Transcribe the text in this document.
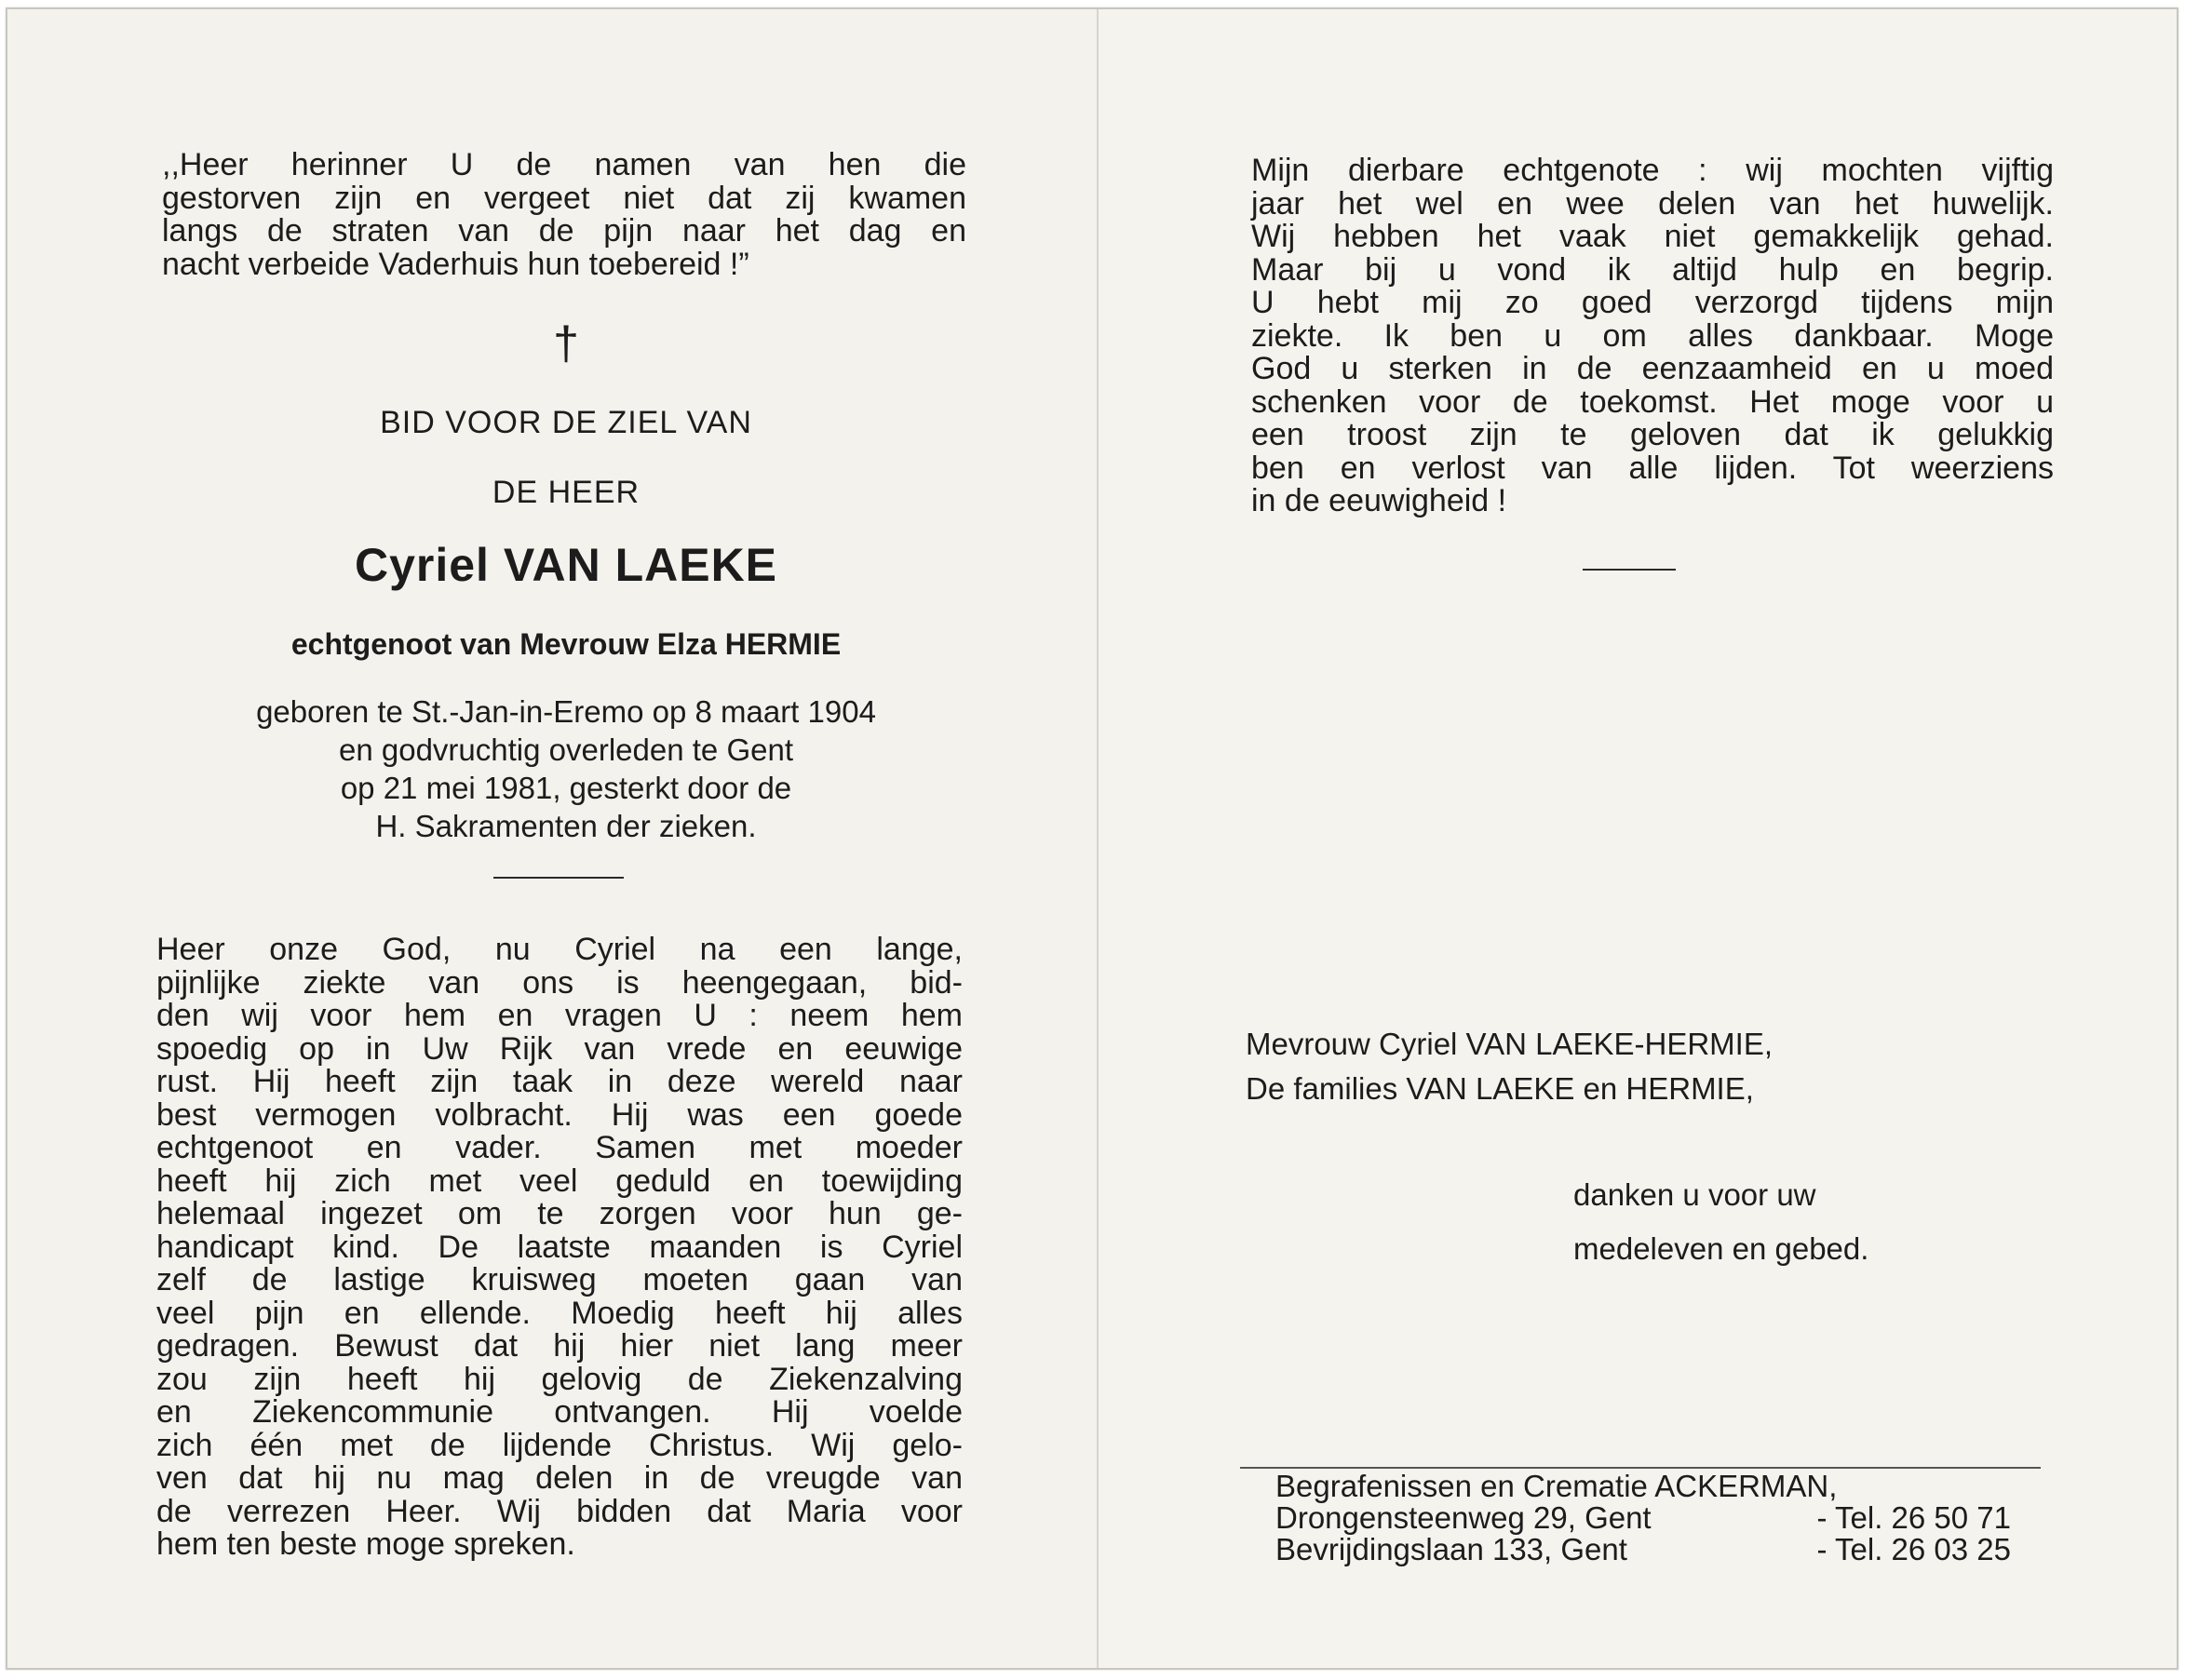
,,Heer herinner U de namen van hen die
gestorven zijn en vergeet niet dat zij kwamen
langs de straten van de pijn naar het dag en
nacht verbeide Vaderhuis hun toebereid !”
†
BID VOOR DE ZIEL VAN
DE HEER
Cyriel VAN LAEKE
echtgenoot van Mevrouw Elza HERMIE
geboren te St.-Jan-in-Eremo op 8 maart 1904
en godvruchtig overleden te Gent
op 21 mei 1981, gesterkt door de
H. Sakramenten der zieken.
Heer onze God, nu Cyriel na een lange,
pijnlijke ziekte van ons is heengegaan, bid-
den wij voor hem en vragen U : neem hem
spoedig op in Uw Rijk van vrede en eeuwige
rust. Hij heeft zijn taak in deze wereld naar
best vermogen volbracht. Hij was een goede
echtgenoot en vader. Samen met moeder
heeft hij zich met veel geduld en toewijding
helemaal ingezet om te zorgen voor hun ge-
handicapt kind. De laatste maanden is Cyriel
zelf de lastige kruisweg moeten gaan van
veel pijn en ellende. Moedig heeft hij alles
gedragen. Bewust dat hij hier niet lang meer
zou zijn heeft hij gelovig de Ziekenzalving
en Ziekencommunie ontvangen. Hij voelde
zich één met de lijdende Christus. Wij gelo-
ven dat hij nu mag delen in de vreugde van
de verrezen Heer. Wij bidden dat Maria voor
hem ten beste moge spreken.
Mijn dierbare echtgenote : wij mochten vijftig
jaar het wel en wee delen van het huwelijk.
Wij hebben het vaak niet gemakkelijk gehad.
Maar bij u vond ik altijd hulp en begrip.
U hebt mij zo goed verzorgd tijdens mijn
ziekte. Ik ben u om alles dankbaar. Moge
God u sterken in de eenzaamheid en u moed
schenken voor de toekomst. Het moge voor u
een troost zijn te geloven dat ik gelukkig
ben en verlost van alle lijden. Tot weerziens
in de eeuwigheid !
Mevrouw Cyriel VAN LAEKE-HERMIE,
De families VAN LAEKE en HERMIE,
danken u voor uw
medeleven en gebed.
Begrafenissen en Crematie ACKERMAN,
Drongensteenweg 29, Gent	- Tel. 26 50 71
Bevrijdingslaan 133, Gent	- Tel. 26 03 25
